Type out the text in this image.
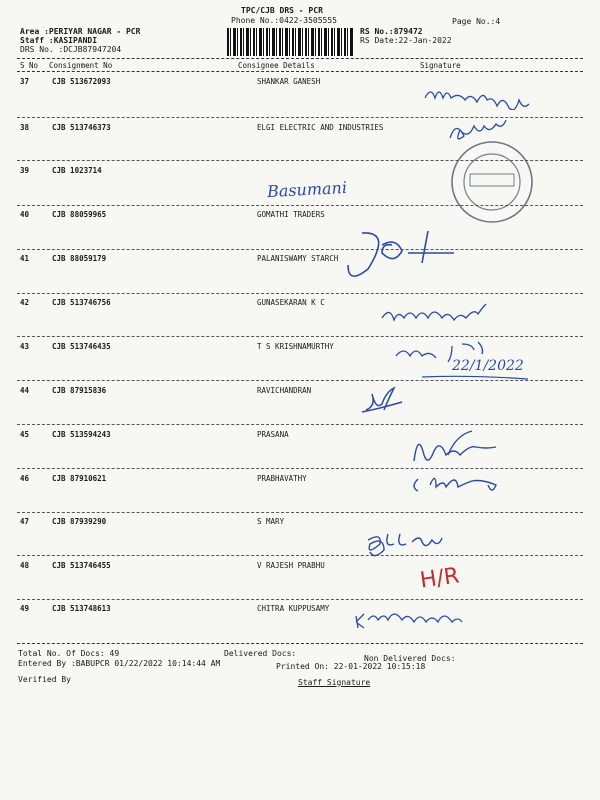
TPC/CJB DRS - PCR
Phone No.:0422-3505555	Page No.:4
Area :PERIYAR NAGAR - PCR
Staff :KASIPANDI
DRS No. :DCJB87947204
RS No.:879472
RS Date:22-Jan-2022
S No Consignment No	Consignee Details	Signature
37	CJB 513672093	SHANKAR GANESH
38	CJB 513746373	ELGI ELECTRIC AND INDUSTRIES
39	CJB 1023714
40	CJB 88059965	GOMATHI TRADERS
41	CJB 88059179	PALANISWAMY STARCH
42	CJB 513746756	GUNASEKARAN K C
43	CJB 513746435	T S KRISHNAMURTHY
44	CJB 87915836	RAVICHANDRAN
45	CJB 513594243	PRASANA
46	CJB 87910621	PRABHAVATHY
47	CJB 87939290	S MARY
48	CJB 513746455	V RAJESH PRABHU
49	CJB 513748613	CHITRA KUPPUSAMY
CBE-45
★
Basumani
22/1/2022
H/R
Total No. Of Docs: 49	Delivered Docs:
Non Delivered Docs:
Entered By :BABUPCR 01/22/2022 10:14:44 AM	Printed On: 22-01-2022 10:15:18
Verified By	Staff Signature
